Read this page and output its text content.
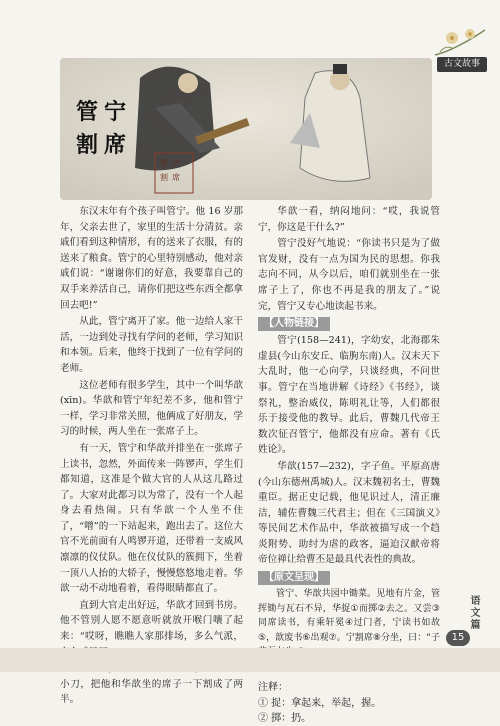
古文故事
管 宁
割 席
管宁
割席

东汉末年有个孩子叫管宁。他 16 岁那年，父亲去世了，家里的生活十分清贫。亲戚们看到这种情形，有的送来了衣服，有的送来了粮食。管宁的心里特别感动，他对亲戚们说：“谢谢你们的好意，我要靠自己的双手来养活自己，请你们把这些东西全都拿回去吧!”

从此，管宁离开了家。他一边给人家干活，一边到处寻找有学问的老师，学习知识和本领。后来，他终于找到了一位有学问的老师。

这位老师有很多学生，其中一个叫华歆(xīn)。华歆和管宁年纪差不多，他和管宁一样，学习非常关照，他俩成了好朋友，学习的时候，两人坐在一张席子上。

有一天，管宁和华歆并排坐在一张席子上读书，忽然，外面传来一阵锣声，学生们都知道，这准是个做大官的人从这儿路过了。大家对此都习以为常了，没有一个人起身去看热闹。只有华歆一个人坐不住了，“噌”的一下站起来，跑出去了。这位大官不光前面有人鸣锣开道，还带着一支威风凛凛的仪仗队。他在仪仗队的簇拥下，坐着一顶八人抬的大轿子，慢慢悠悠地走着。华歆一动不动地看着，看得眼睛都直了。

直到大官走出好远，华歆才回到书房。他不管别人愿不愿意听就放开喉门嚷了起来：“哎呀，瞧瞧人家那排场，多么气派，

小刀，把他和华歆坐的席子一下割成了两半。

华歆一看，纳闷地问：“哎，我说管宁，你这是干什么?”

管宁没好气地说：“你读书只是为了做官发财，没有一点为国为民的思想。你我志向不同，从今以后，咱们就别坐在一张席子上了，你也不再是我的朋友了。”说完，管宁又专心地读起书来。

【人物链接】

管宁(158—241)，字幼安，北海郡朱虚县(今山东安丘、临朐东南)人。汉末天下大乱时，他一心向学，只谈经典，不问世事。管宁在当地讲解《诗经》《书经》，谈祭礼，整治威仪，陈明礼让等，人们都很乐于接受他的教导。此后，曹魏几代帝王数次征召管宁，他都没有应命。著有《氏姓论》。

华歆(157—232)，字子鱼。平原高唐(今山东德州禹城)人。汉末魏初名士，曹魏重臣。据正史记载，他见识过人，清正廉洁，辅佐曹魏三代君主；但在《三国演义》等民间艺术作品中，华歆被描写成一个趋炎附势、助纣为虐的政客，逼迫汉献帝将帝位禅让给曹丕是最具代表性的典故。

【原文呈现】

管宁、华歆共园中锄菜。见地有片金，管挥锄与瓦石不异，华捉①而掷②去之。又尝③同席读书，有乘轩冕④过门者，宁读书如故⑤，歆废书⑥出观⑦。宁割席⑧分坐，曰：“子

注释：
① 捉：拿起来，举起，握。
② 掷：扔。
语文篇
15
